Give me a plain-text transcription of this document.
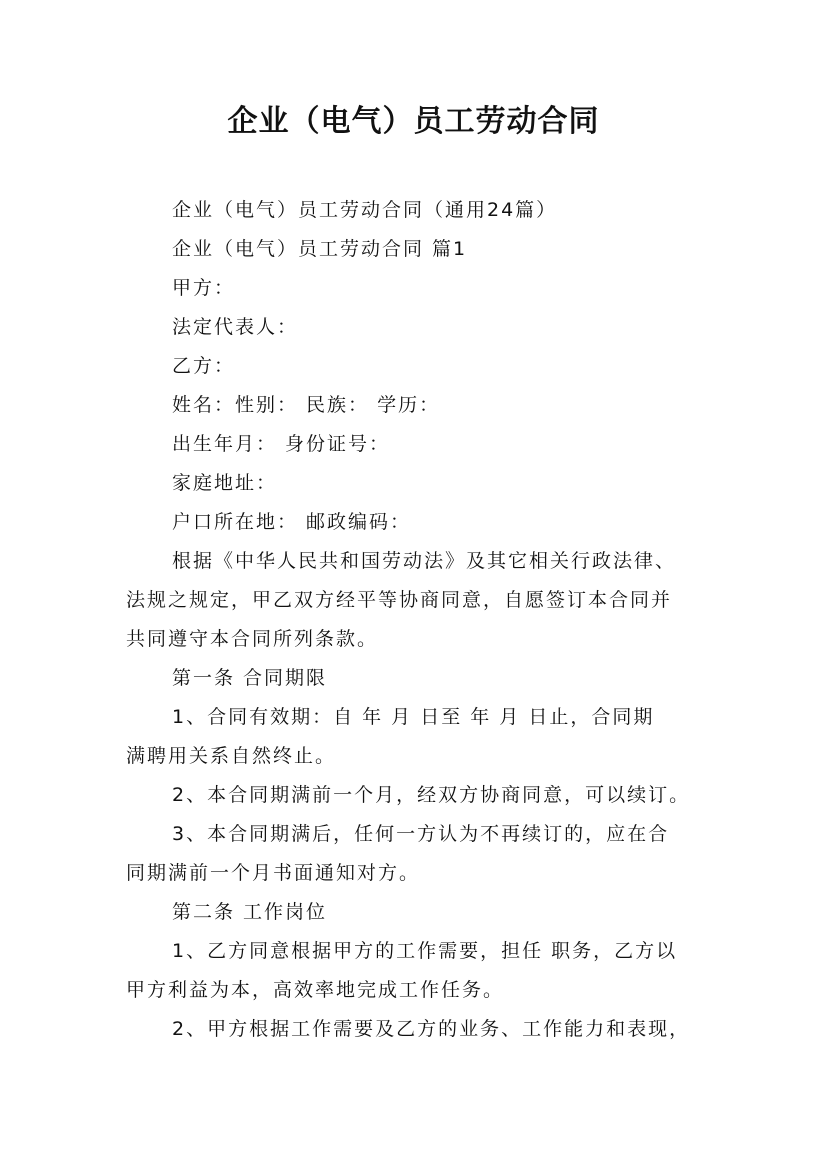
企业（电气）员工劳动合同
企业（电气）员工劳动合同（通用24篇）
企业（电气）员工劳动合同 篇1
甲方：
法定代表人：
乙方：
姓名：性别： 民族： 学历：
出生年月： 身份证号：
家庭地址：
户口所在地： 邮政编码：
根据《中华人民共和国劳动法》及其它相关行政法律、
法规之规定，甲乙双方经平等协商同意，自愿签订本合同并
共同遵守本合同所列条款。
第一条 合同期限
1、合同有效期：自 年 月 日至 年 月 日止，合同期
满聘用关系自然终止。
2、本合同期满前一个月，经双方协商同意，可以续订。
3、本合同期满后，任何一方认为不再续订的，应在合
同期满前一个月书面通知对方。
第二条 工作岗位
1、乙方同意根据甲方的工作需要，担任 职务，乙方以
甲方利益为本，高效率地完成工作任务。
2、甲方根据工作需要及乙方的业务、工作能力和表现，
